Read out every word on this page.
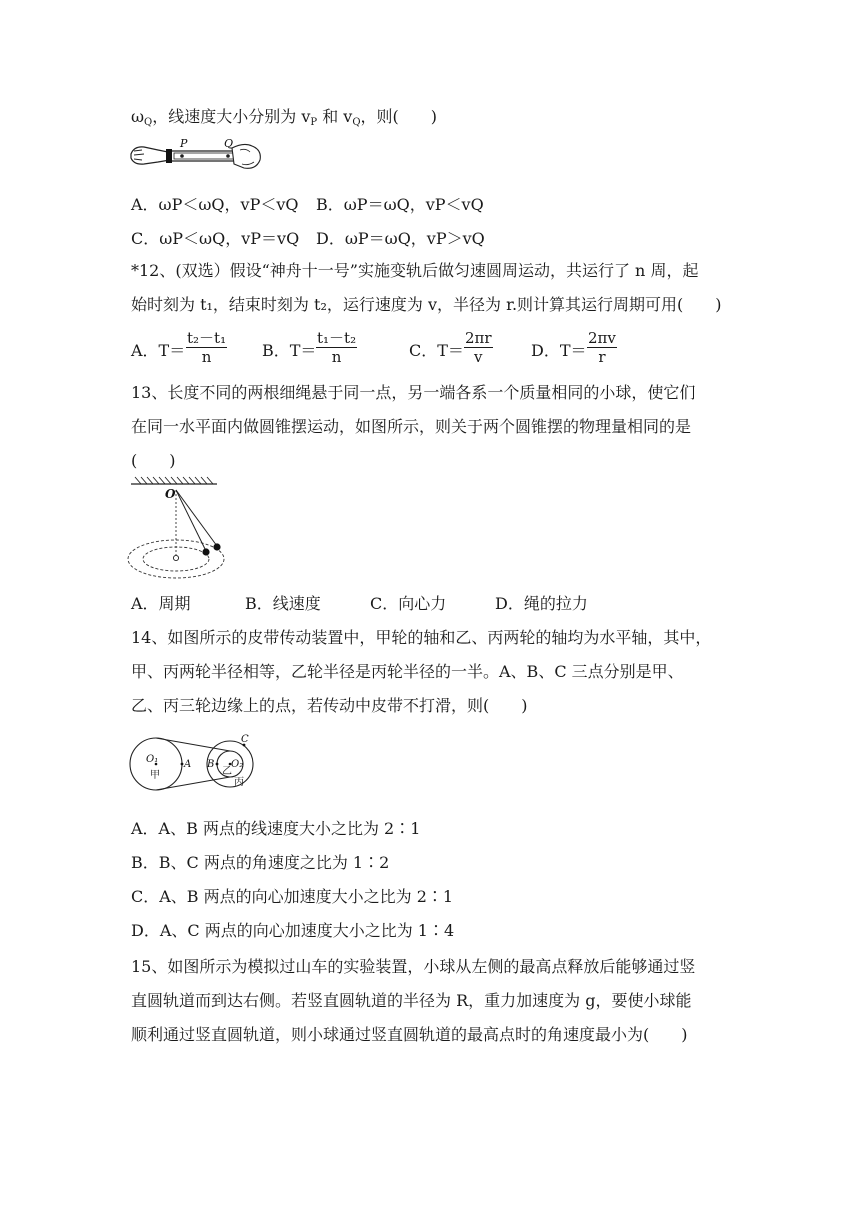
$\omega_Q$，线速度大小分别为 $v_P$ 和 $v_Q$，则(　　)
P	Q
A．ωP＜ωQ，vP＜vQ B．ωP＝ωQ，vP＜vQ
C．ωP＜ωQ，vP＝vQ D．ωP＝ωQ，vP＞vQ
*12、(双选）假设“神舟十一号”实施变轨后做匀速圆周运动，共运行了 n 周，起
始时刻为 t₁，结束时刻为 t₂，运行速度为 v，半径为 r.则计算其运行周期可用(　　)
A．$T= \frac{\text{t₂－t₁}}{n}$ B．$T= \frac{\text{t₁－t₂}}{n}$	C．$T= \frac{2\pi r}{v}$ D．$T= \frac{2\pi v}{r}$
13、长度不同的两根细绳悬于同一点，另一端各系一个质量相同的小球，使它们
在同一水平面内做圆锥摆运动，如图所示，则关于两个圆锥摆的物理量相同的是
(　　)
O
A．周期	B．线速度	C．向心力	D．绳的拉力
14、如图所示的皮带传动装置中，甲轮的轴和乙、丙两轮的轴均为水平轴，其中，
甲、丙两轮半径相等，乙轮半径是丙轮半径的一半。A、B、C 三点分别是甲、
乙、丙三轮边缘上的点，若传动中皮带不打滑，则(　　)
O₁
甲
A B
乙
O₂
丙
C
A．A、B 两点的线速度大小之比为 2∶1
B．B、C 两点的角速度之比为 1∶2
C．A、B 两点的向心加速度大小之比为 2∶1
D．A、C 两点的向心加速度大小之比为 1∶4
15、如图所示为模拟过山车的实验装置，小球从左侧的最高点释放后能够通过竖
直圆轨道而到达右侧。若竖直圆轨道的半径为 R，重力加速度为 g，要使小球能
顺利通过竖直圆轨道，则小球通过竖直圆轨道的最高点时的角速度最小为(　　)
